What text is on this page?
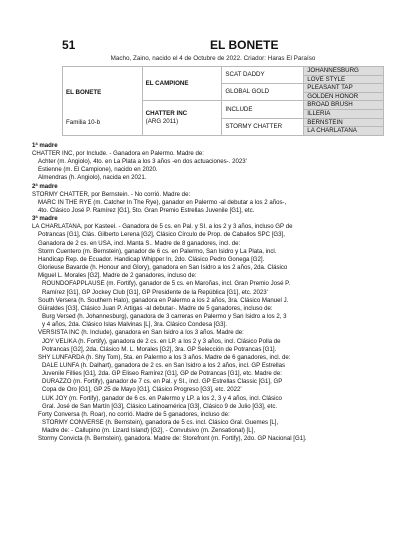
51	EL BONETE
Macho, Zaino, nacido el 4 de Octubre de 2022. Criador: Haras El Paraíso
EL BONETE
Familia 10-b	EL CAMPIONE	SCAT DADDY	JOHANNESBURG
			LOVE STYLE
		GLOBAL GOLD	PLEASANT TAP
			GOLDEN HONOR

	CHATTER INC
(ARG 2011)	INCLUDE	BROAD BRUSH
			ILLERIA
		STORMY CHATTER	BERNSTEIN
			LA CHARLATANA

1ª madre

CHATTER INC, por Include. - Ganadora en Palermo. Madre de:

Achter (m. Angiolo), 4to. en La Plata a los 3 años -en dos actuaciones-. 2023'

Estienne (m. El Campione), nacido en 2020.

Almendras (h. Angiolo), nacida en 2021.

2ª madre

STORMY CHATTER, por Bernstein. - No corrió. Madre de:

MARC IN THE RYE (m. Catcher In The Rye), ganador en Palermo -al debutar a los 2 años-,

4to. Clásico José P. Ramírez [G1], 5to. Gran Premio Estrellas Juvenile [G1], etc.

3ª madre

LA CHARLATANA, por Kasteel. - Ganadora de 5 cs. en Pal. y SI. a los 2 y 3 años, incluso GP de

Potrancas [G1], Clás. Gilberto Lerena [G2], Clásico Círculo de Prop. de Caballos SPC [G3],

Ganadora de 2 cs. en USA, incl. Manta S.. Madre de 8 ganadores, incl. de:

Storm Cuentero (m. Bernstein), ganador de 6 cs. en Palermo, San Isidro y La Plata, incl.

Handicap Rep. de Ecuador. Handicap Whipper In, 2do. Clásico Pedro Gonega [G2].

Glorieuse Bavarde (h. Honour and Glory), ganadora en San Isidro a los 2 años, 2da. Clásico

Miguel L. Morales [G2]. Madre de 2 ganadores, incluso de:

ROUNDOFAPPLAUSE (m. Fortify), ganador de 5 cs. en Maroñas, incl. Gran Premio José P.

Ramírez [G1], GP Jockey Club [G1], GP Presidente de la República [G1], etc. 2023'

South Versera (h. Southern Halo), ganadora en Palermo a los 2 años, 3ra. Clásico Manuel J.

Güiraldes [G3], Clásico Juan P. Artigas -al debutar-. Madre de 5 ganadores, incluso de:

Burg Versed (h. Johannesburg), ganadora de 3 carreras en Palermo y San Isidro a los 2, 3

y 4 años, 2da. Clásico Islas Malvinas [L], 3ra. Clásico Condesa [G3].

VERSISTA INC (h. Include), ganadora en San Isidro a los 3 años. Madre de:

JOY VELIKA (h. Fortify), ganadora de 2 cs. en LP. a los 2 y 3 años, incl. Clásico Polla de

Potrancas [G2], 2da. Clásico M. L. Morales [G2], 3ra. GP Selección de Potrancas [G1].

SHY LUNFARDA (h. Shy Tom), 5ta. en Palermo a los 3 años. Madre de 6 ganadores, incl. de:

DALE LUNFA (h. Dalhart), ganadora de 2 cs. en San Isidro a los 2 años, incl. GP Estrellas

Juvenile Fillies [G1], 2da. GP Eliseo Ramírez [G1], GP de Potrancas [G1], etc. Madre de:

DURAZZO (m. Fortify), ganador de 7 cs. en Pal. y SI., incl. GP Estrellas Classic [G1], GP

Copa de Oro [G1], GP 25 de Mayo [G1], Clásico Progreso [G3], etc. 2022'

LUK JOY (m. Fortify), ganador de 6 cs. en Palermo y LP. a los 2, 3 y 4 años, incl. Clásico

Gral. José de San Martín [G3], Clásico Latinoamérica [G3], Clásico 9 de Julio [G3], etc.

Forty Conversa (h. Roar), no corrió. Madre de 5 ganadores, incluso de:

STORMY CONVERSE (h. Bernstein), ganadora de 5 cs. incl. Clásico Gral. Guemes [L],

Madre de: - Callupino (m. Lizard Island) [G2], - Convulsivo (m. Zensational) [L],

Stormy Convicta (h. Bernstein), ganadora. Madre de: Storefront (m. Fortify), 2do. GP Nacional [G1].
